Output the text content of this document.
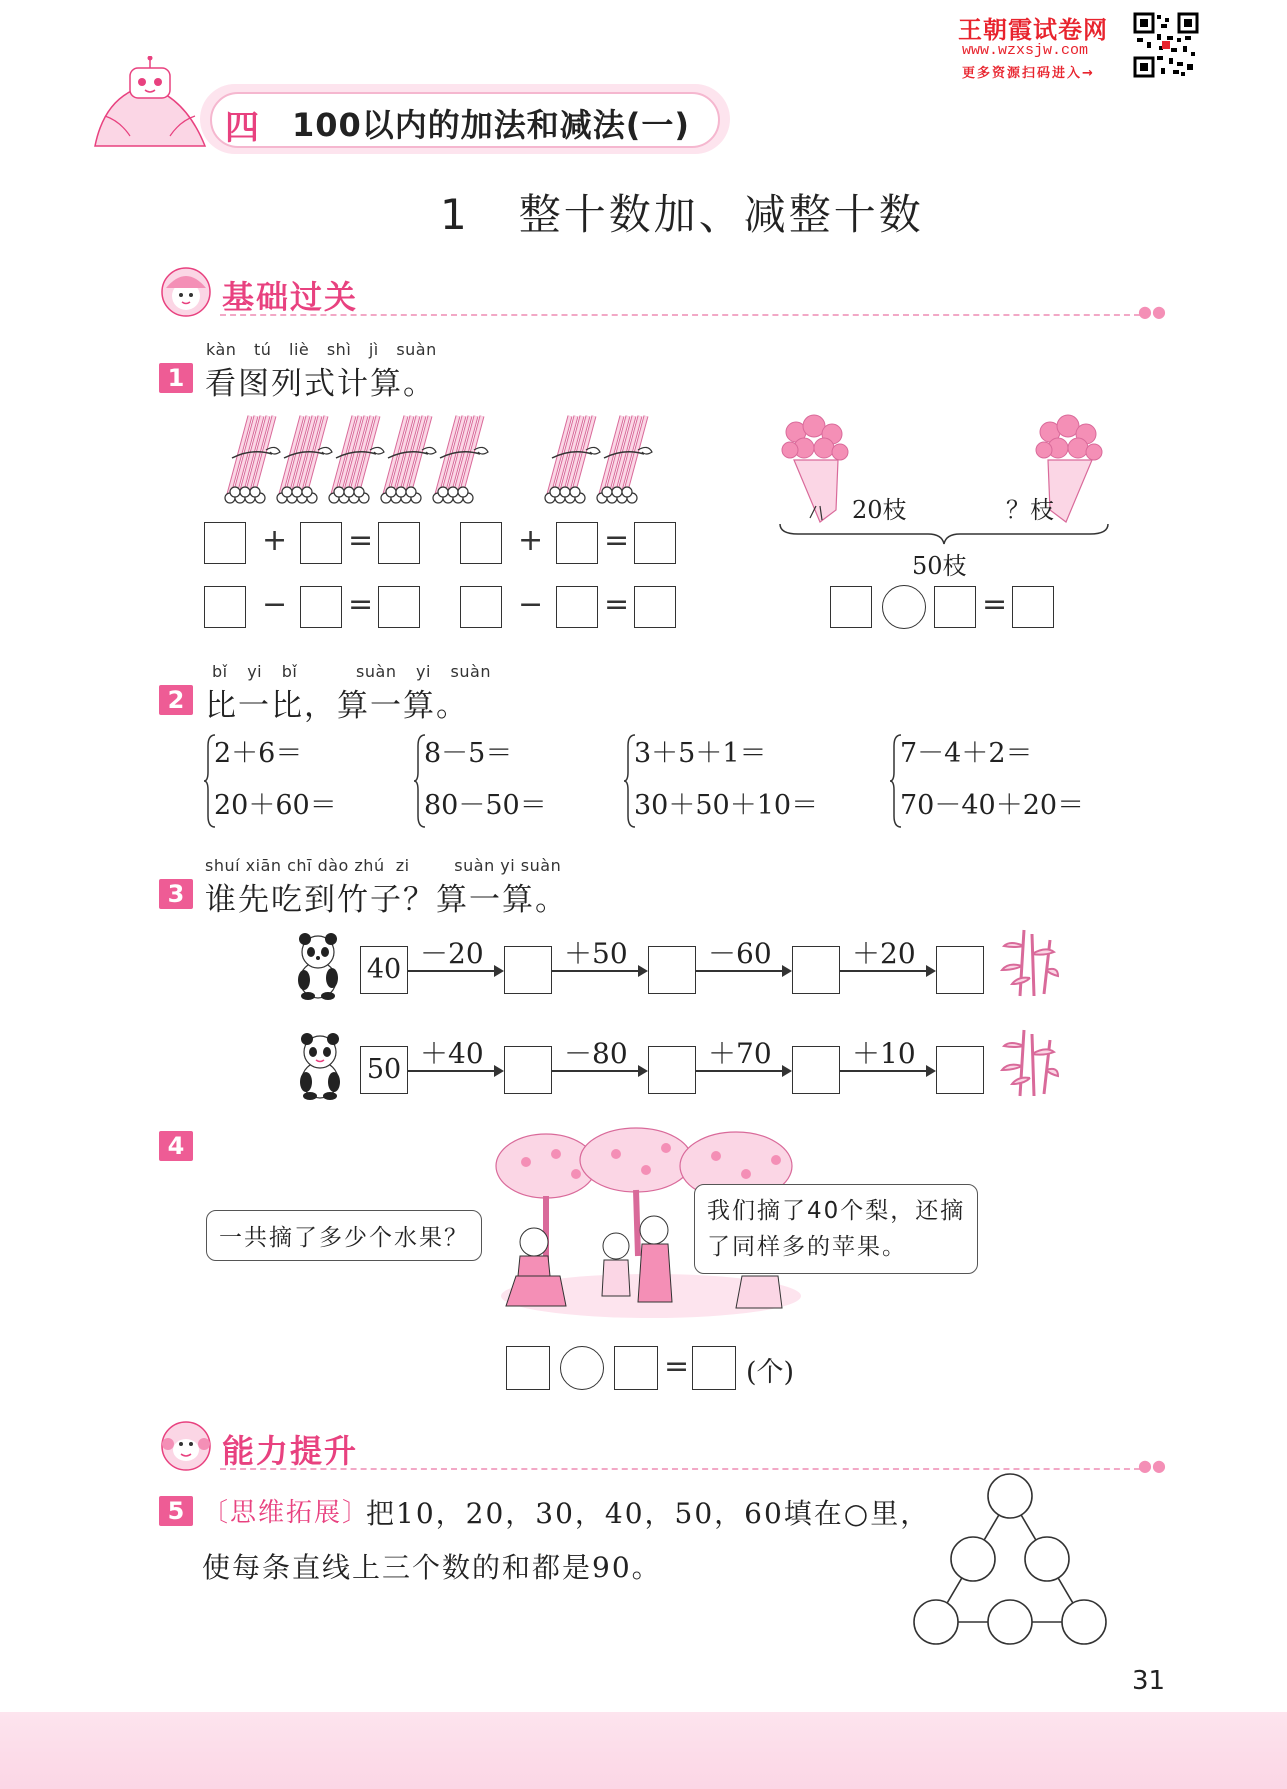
王朝霞试卷网
www.wzxsjw.com
更多资源扫码进入→
四 100以内的加法和减法(一)
1   整十数加、减整十数
基础过关	●●
kàn tú liè shì jì suàn
1 看图列式计算。
+ =	+ =
− =	− =
20枝	？枝
50枝
=
bǐ yi bǐ   suàn yi suàn
2 比一比，算一算。
2＋6＝
20＋60＝
8－5＝
80－50＝
3＋5＋1＝
30＋50＋10＝
7－4＋2＝
70－40＋20＝
shuí xiān chī dào zhú  zi        suàn yi suàn
3 谁先吃到竹子？算一算。
40 －20	＋50	－60	＋20
50 ＋40	－80	＋70	＋10
4
一共摘了多少个水果？
我们摘了40个梨，还摘
了同样多的苹果。
= (个)
能力提升	●●
5 〔思维拓展〕
把10，20，30，40，50，60填在○里，
使每条直线上三个数的和都是90。
31
